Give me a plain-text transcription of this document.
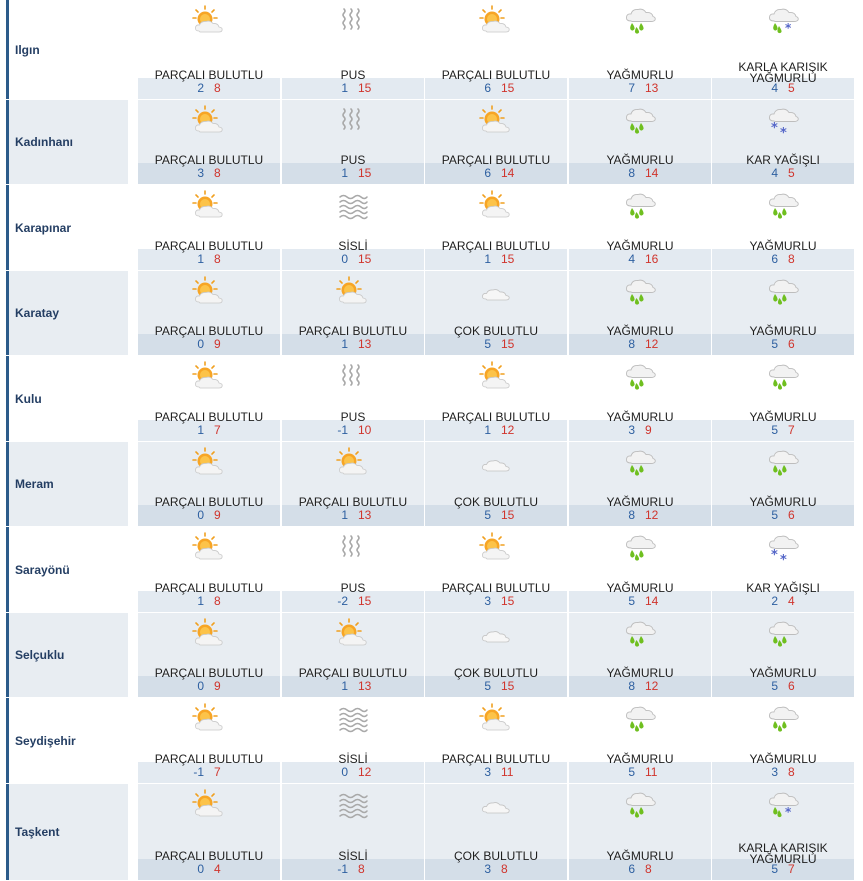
Ilgın
PARÇALI BULUTLU
2 8
PUS
1 15
PARÇALI BULUTLU
6 15
YAĞMURLU
7 13
*
KARLA KARIŞIK YAĞMURLU
4 5
Kadınhanı
PARÇALI BULUTLU
3 8
PUS
1 15
PARÇALI BULUTLU
6 14
YAĞMURLU
8 14
* *
KAR YAĞIŞLI
4 5
Karapınar
PARÇALI BULUTLU
1 8
SİSLİ
0 15
PARÇALI BULUTLU
1 15
YAĞMURLU
4 16
YAĞMURLU
6 8
Karatay
PARÇALI BULUTLU
0 9
PARÇALI BULUTLU
1 13
ÇOK BULUTLU
5 15
YAĞMURLU
8 12
YAĞMURLU
5 6
Kulu
PARÇALI BULUTLU
1 7
PUS
-1 10
PARÇALI BULUTLU
1 12
YAĞMURLU
3 9
YAĞMURLU
5 7
Meram
PARÇALI BULUTLU
0 9
PARÇALI BULUTLU
1 13
ÇOK BULUTLU
5 15
YAĞMURLU
8 12
YAĞMURLU
5 6
Sarayönü
PARÇALI BULUTLU
1 8
PUS
-2 15
PARÇALI BULUTLU
3 15
YAĞMURLU
5 14
* *
KAR YAĞIŞLI
2 4
Selçuklu
PARÇALI BULUTLU
0 9
PARÇALI BULUTLU
1 13
ÇOK BULUTLU
5 15
YAĞMURLU
8 12
YAĞMURLU
5 6
Seydişehir
PARÇALI BULUTLU
-1 7
SİSLİ
0 12
PARÇALI BULUTLU
3 11
YAĞMURLU
5 11
YAĞMURLU
3 8
Taşkent
PARÇALI BULUTLU
0 4
SİSLİ
-1 8
ÇOK BULUTLU
3 8
YAĞMURLU
6 8
*
KARLA KARIŞIK YAĞMURLU
5 7
